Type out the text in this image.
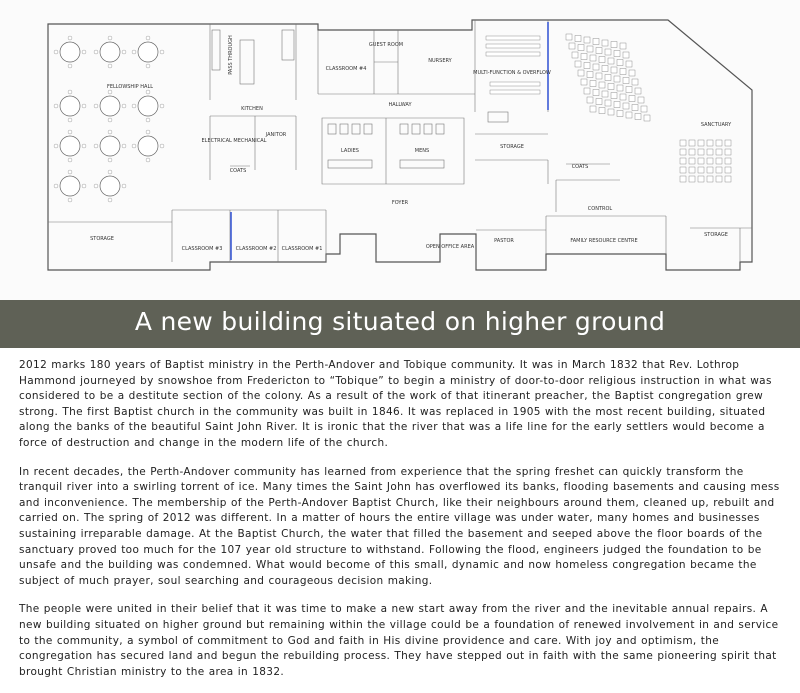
FELLOWSHIP HALL
PASS THROUGH
KITCHEN
CLASSROOM #4
GUEST ROOM
NURSERY
MULTI-FUNCTION & OVERFLOW
SANCTUARY
HALLWAY
ELECTRICAL MECHANICAL
JANITOR
LADIES	MENS
STORAGE
FOYER
STORAGE
CLASSROOM #3	CLASSROOM #2 CLASSROOM #1	OPEN OFFICE AREA
PASTOR	FAMILY RESOURCE CENTRE
STORAGE
COATS
COATS
CONTROL
A new building situated on higher ground

2012 marks 180 years of Baptist ministry in the Perth-Andover and Tobique community. It was in March 1832 that Rev. Lothrop Hammond journeyed by snowshoe from Fredericton to “Tobique” to begin a ministry of door-to-door religious instruction in what was considered to be a destitute section of the colony. As a result of the work of that itinerant preacher, the Baptist congregation grew strong. The first Baptist church in the community was built in 1846. It was replaced in 1905 with the most recent building, situated along the banks of the beautiful Saint John River. It is ironic that the river that was a life line for the early settlers would become a force of destruction and change in the modern life of the church.

In recent decades, the Perth-Andover community has learned from experience that the spring freshet can quickly transform the tranquil river into a swirling torrent of ice. Many times the Saint John has overflowed its banks, flooding basements and causing mess and inconvenience. The membership of the Perth-Andover Baptist Church, like their neighbours around them, cleaned up, rebuilt and carried on. The spring of 2012 was different. In a matter of hours the entire village was under water, many homes and businesses sustaining irreparable damage. At the Baptist Church, the water that filled the basement and seeped above the floor boards of the sanctuary proved too much for the 107 year old structure to withstand. Following the flood, engineers judged the foundation to be unsafe and the building was condemned. What would become of this small, dynamic and now homeless congregation became the subject of much prayer, soul searching and courageous decision making.

The people were united in their belief that it was time to make a new start away from the river and the inevitable annual repairs. A new building situated on higher ground but remaining within the village could be a foundation of renewed involvement in and service to the community, a symbol of commitment to God and faith in His divine providence and care. With joy and optimism, the congregation has secured land and begun the rebuilding process. They have stepped out in faith with the same pioneering spirit that brought Christian ministry to the area in 1832.
